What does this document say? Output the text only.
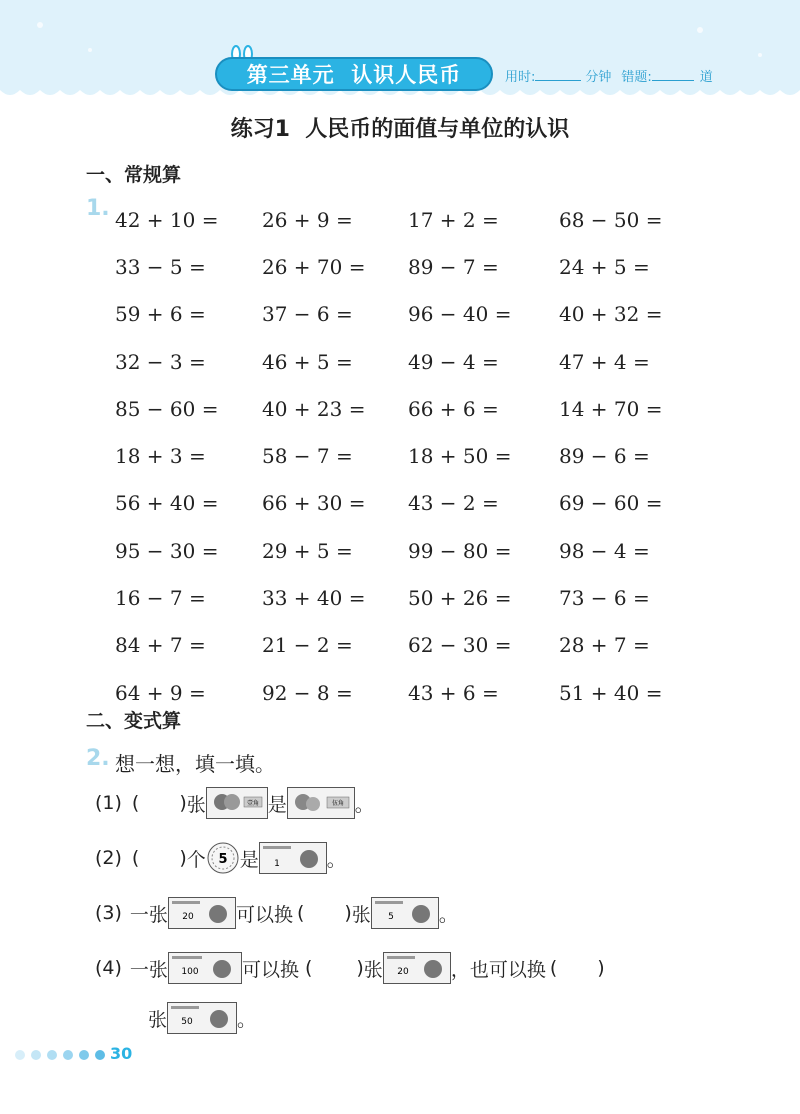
第三单元  认识人民币	用时:	分钟 错题:	道
练习1  人民币的面值与单位的认识
一、常规算
1. 42 + 10 =	26 + 9 =	17 + 2 =	68 − 50 =
33 − 5 =	26 + 70 =	89 − 7 =	24 + 5 =
59 + 6 =	37 − 6 =	96 − 40 =	40 + 32 =
32 − 3 =	46 + 5 =	49 − 4 =	47 + 4 =
85 − 60 =	40 + 23 =	66 + 6 =	14 + 70 =
18 + 3 =	58 − 7 =	18 + 50 =	89 − 6 =
56 + 40 =	66 + 30 =	43 − 2 =	69 − 60 =
95 − 30 =	29 + 5 =	99 − 80 =	98 − 4 =
16 − 7 =	33 + 40 =	50 + 26 =	73 − 6 =
84 + 7 =	21 − 2 =	62 − 30 =	28 + 7 =
64 + 9 =	92 − 8 =	43 + 6 =	51 + 40 =
二、变式算
2. 想一想，填一填。
(1) ( ) 张	壹角 是	伍角 。
(2) ( ) 个 5 是 1 。
(3) 一张 20 可以换 ( ) 张 5 。
(4) 一张 100 可以换 ( ) 张 20 ，也可以换 ( )
张 50 。
30
